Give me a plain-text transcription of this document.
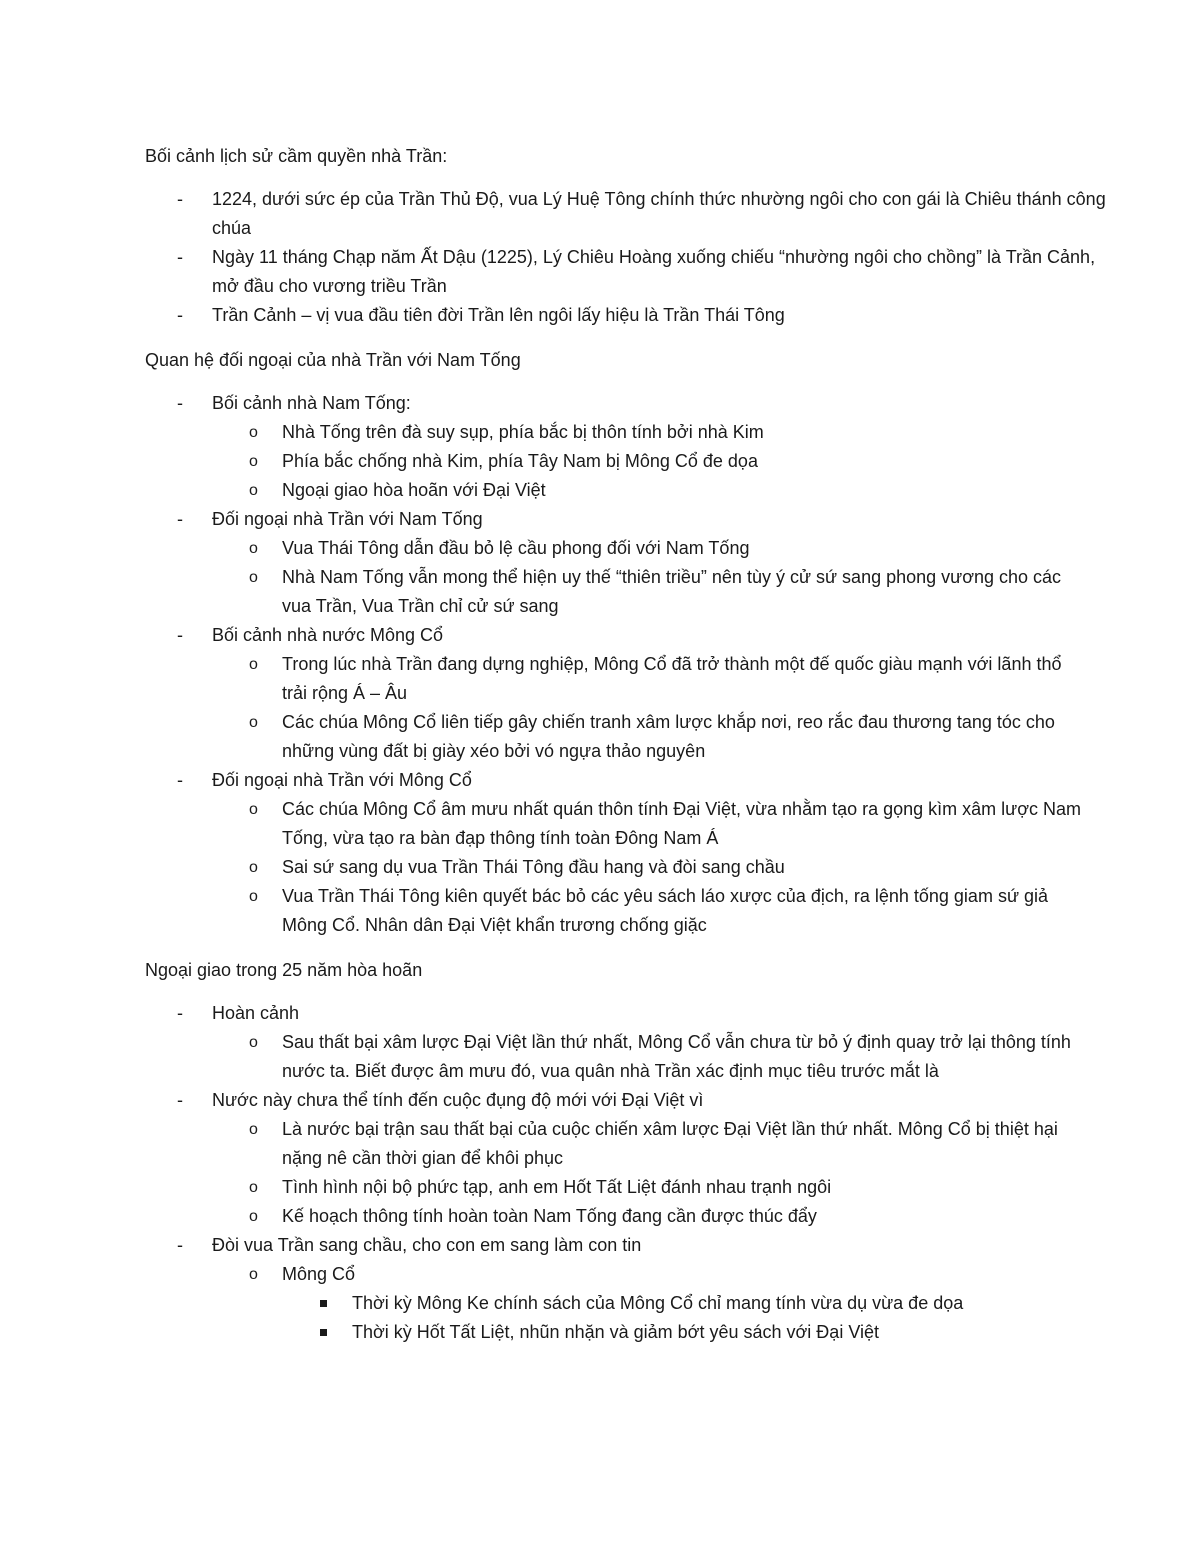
Bối cảnh lịch sử cầm quyền nhà Trần:
- 1224, dưới sức ép của Trần Thủ Độ, vua Lý Huệ Tông chính thức nhường ngôi cho con gái là Chiêu thánh công chúa
- Ngày 11 tháng Chạp năm Ất Dậu (1225), Lý Chiêu Hoàng xuống chiếu “nhường ngôi cho chồng” là Trần Cảnh, mở đầu cho vương triều Trần
- Trần Cảnh – vị vua đầu tiên đời Trần lên ngôi lấy hiệu là Trần Thái Tông
Quan hệ đối ngoại của nhà Trần với Nam Tống
- Bối cảnh nhà Nam Tống:
o Nhà Tống trên đà suy sụp, phía bắc bị thôn tính bởi nhà Kim
o Phía bắc chống nhà Kim, phía Tây Nam bị Mông Cổ đe dọa
o Ngoại giao hòa hoãn với Đại Việt
- Đối ngoại nhà Trần với Nam Tống
o Vua Thái Tông dẫn đầu bỏ lệ cầu phong đối với Nam Tống
o Nhà Nam Tống vẫn mong thể hiện uy thế “thiên triều” nên tùy ý cử sứ sang phong vương cho các vua Trần, Vua Trần chỉ cử sứ sang
- Bối cảnh nhà nước Mông Cổ
o Trong lúc nhà Trần đang dựng nghiệp, Mông Cổ đã trở thành một đế quốc giàu mạnh với lãnh thổ trải rộng Á – Âu
o Các chúa Mông Cổ liên tiếp gây chiến tranh xâm lược khắp nơi, reo rắc đau thương tang tóc cho những vùng đất bị giày xéo bởi vó ngựa thảo nguyên
- Đối ngoại nhà Trần với Mông Cổ
o Các chúa Mông Cổ âm mưu nhất quán thôn tính Đại Việt, vừa nhằm tạo ra gọng kìm xâm lược Nam Tống, vừa tạo ra bàn đạp thông tính toàn Đông Nam Á
o Sai sứ sang dụ vua Trần Thái Tông đầu hang và đòi sang chầu
o Vua Trần Thái Tông kiên quyết bác bỏ các yêu sách láo xược của địch, ra lệnh tống giam sứ giả Mông Cổ. Nhân dân Đại Việt khẩn trương chống giặc
Ngoại giao trong 25 năm hòa hoãn
- Hoàn cảnh
o Sau thất bại xâm lược Đại Việt lần thứ nhất, Mông Cổ vẫn chưa từ bỏ ý định quay trở lại thông tính nước ta. Biết được âm mưu đó, vua quân nhà Trần xác định mục tiêu trước mắt là
- Nước này chưa thể tính đến cuộc đụng độ mới với Đại Việt vì
o Là nước bại trận sau thất bại của cuộc chiến xâm lược Đại Việt lần thứ nhất. Mông Cổ bị thiệt hại nặng nê cần thời gian để khôi phục
o Tình hình nội bộ phức tạp, anh em Hốt Tất Liệt đánh nhau trạnh ngôi
o Kế hoạch thông tính hoàn toàn Nam Tống đang cần được thúc đẩy
- Đòi vua Trần sang chầu, cho con em sang làm con tin
o Mông Cổ
Thời kỳ Mông Ke chính sách của Mông Cổ chỉ mang tính vừa dụ vừa đe dọa
Thời kỳ Hốt Tất Liệt, nhũn nhặn và giảm bớt yêu sách với Đại Việt
